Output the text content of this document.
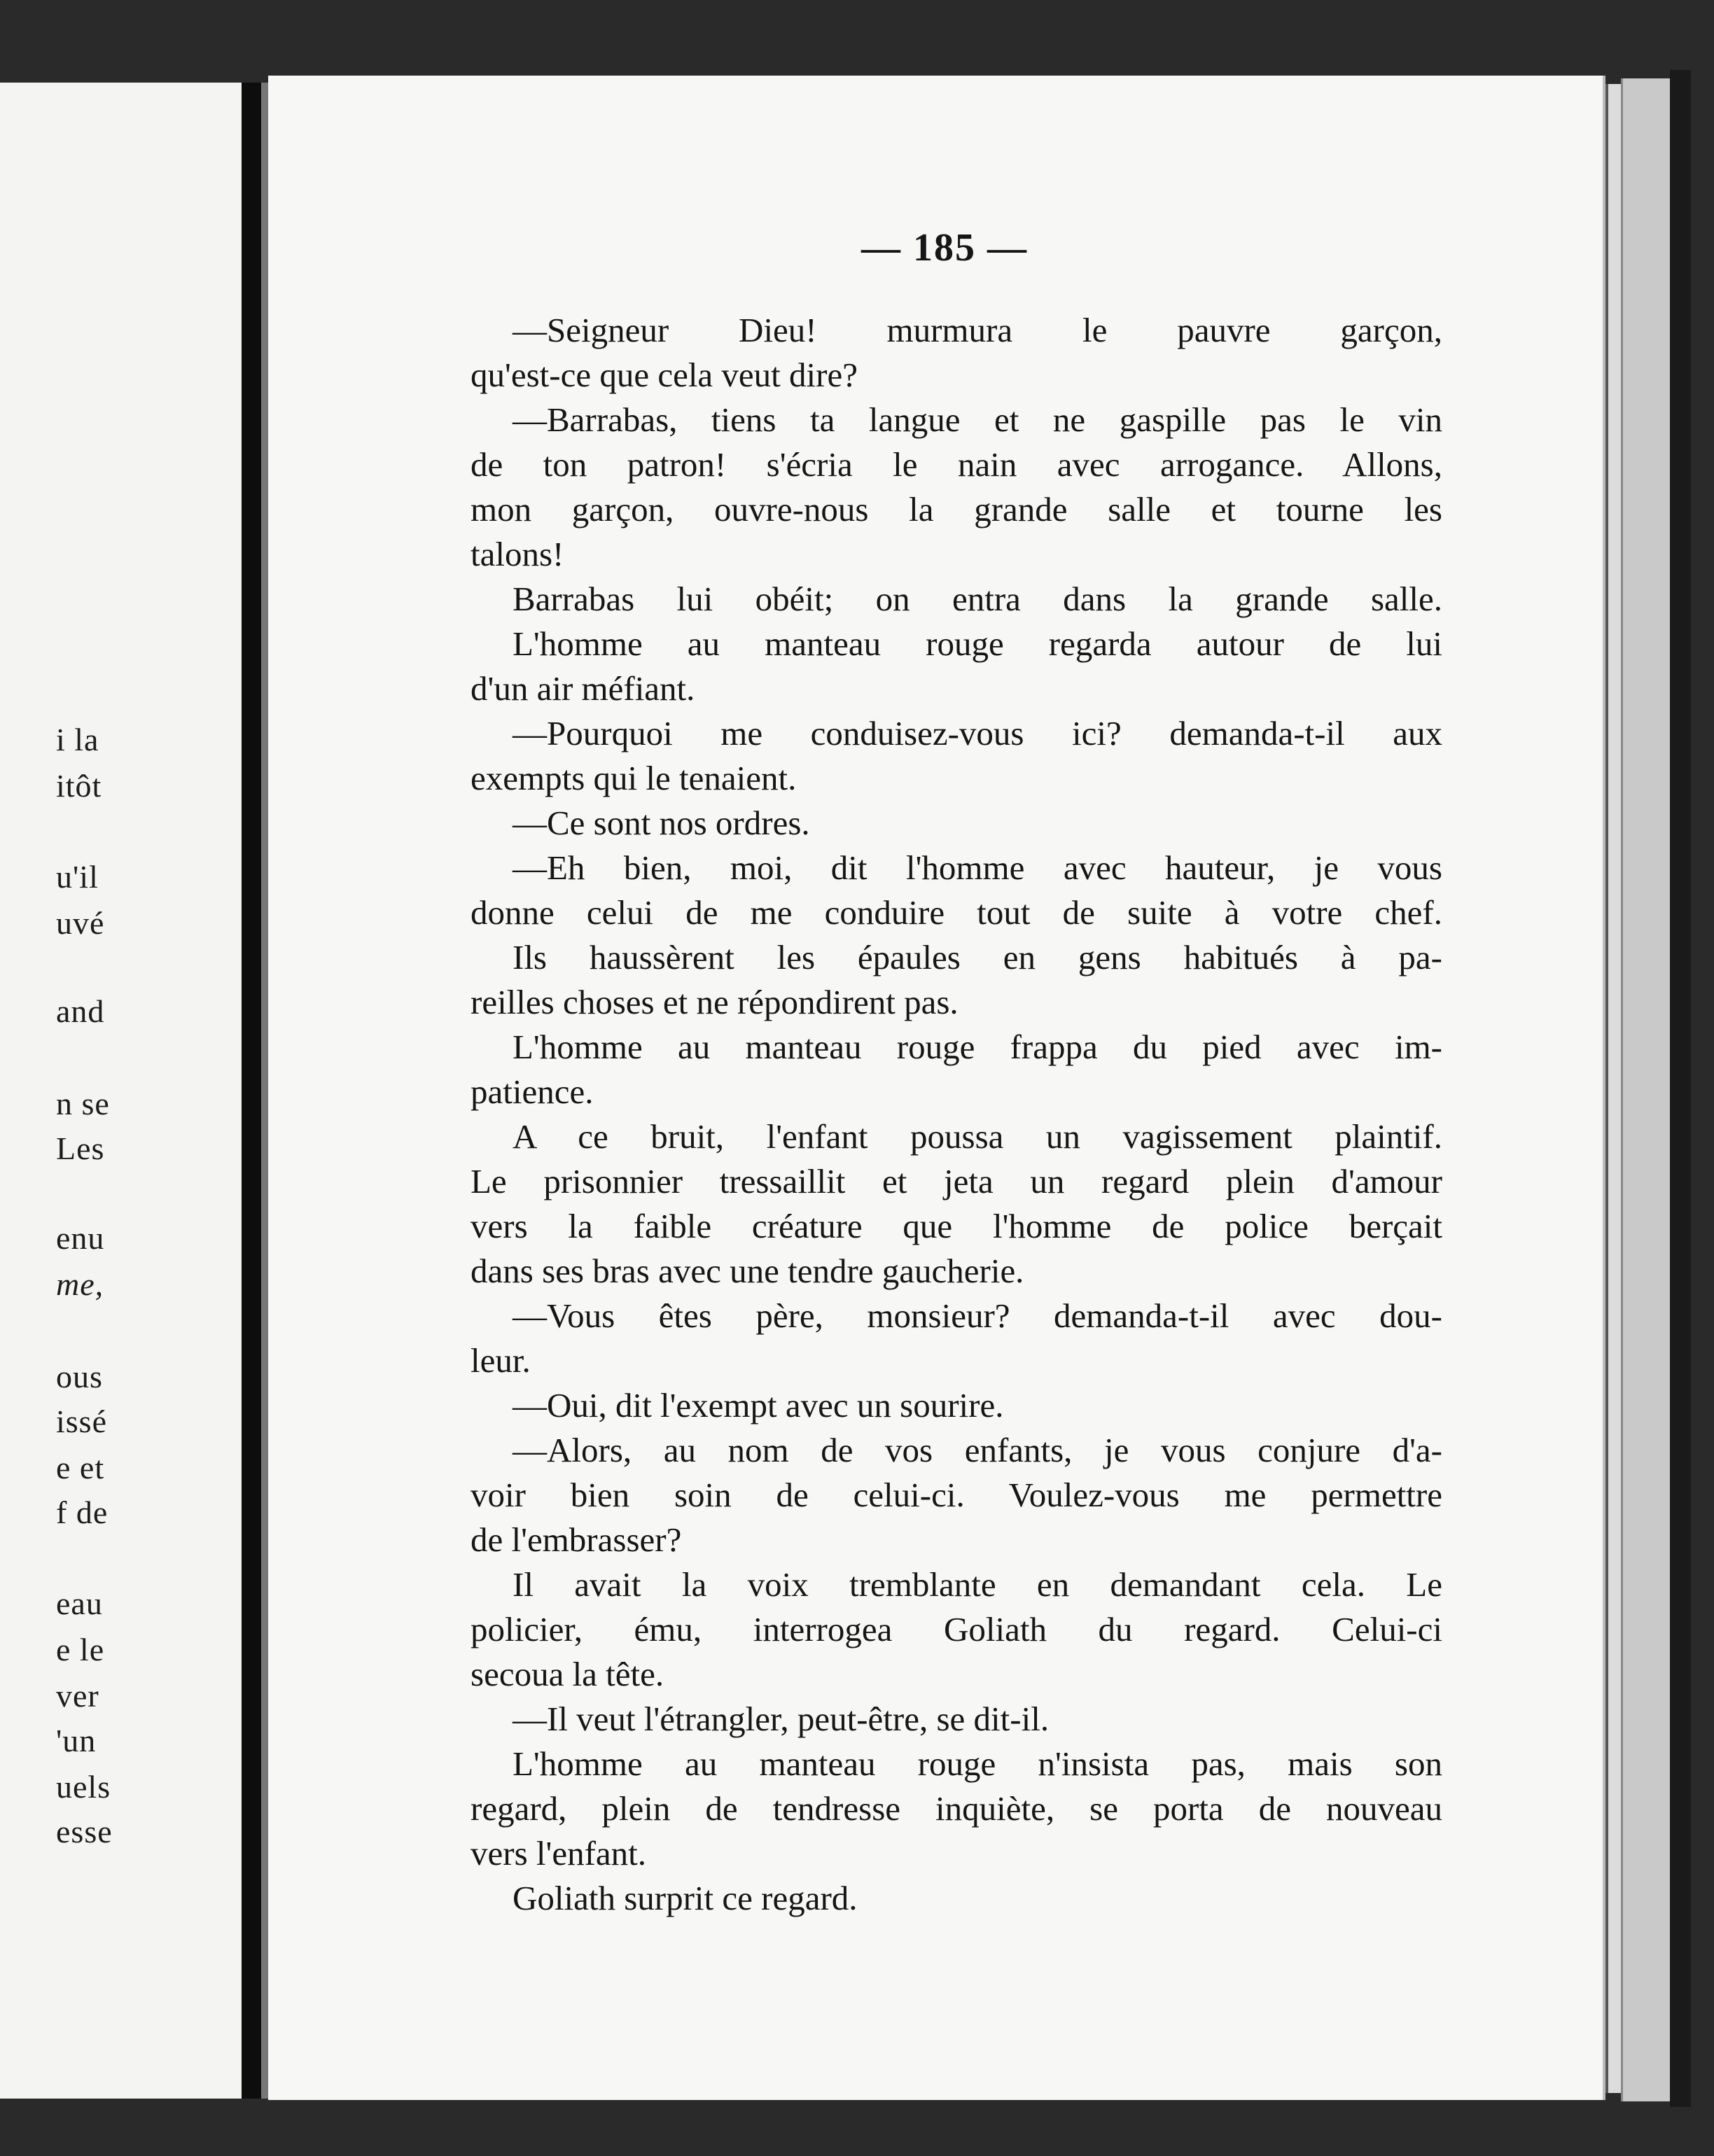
i la
itôt
u'il
uvé
and
n se
Les
enu
me,
ous
issé
e et
f de
eau
e le
ver
'un
uels
esse
— 185 —
—Seigneur Dieu! murmura le pauvre garçon,
qu'est-ce que cela veut dire?
—Barrabas, tiens ta langue et ne gaspille pas le vin
de ton patron! s'écria le nain avec arrogance. Allons,
mon garçon, ouvre-nous la grande salle et tourne les
talons!
Barrabas lui obéit; on entra dans la grande salle.
L'homme au manteau rouge regarda autour de lui
d'un air méfiant.
—Pourquoi me conduisez-vous ici? demanda-t-il aux
exempts qui le tenaient.
—Ce sont nos ordres.
—Eh bien, moi, dit l'homme avec hauteur, je vous
donne celui de me conduire tout de suite à votre chef.
Ils haussèrent les épaules en gens habitués à pa-
reilles choses et ne répondirent pas.
L'homme au manteau rouge frappa du pied avec im-
patience.
A ce bruit, l'enfant poussa un vagissement plaintif.
Le prisonnier tressaillit et jeta un regard plein d'amour
vers la faible créature que l'homme de police berçait
dans ses bras avec une tendre gaucherie.
—Vous êtes père, monsieur? demanda-t-il avec dou-
leur.
—Oui, dit l'exempt avec un sourire.
—Alors, au nom de vos enfants, je vous conjure d'a-
voir bien soin de celui-ci. Voulez-vous me permettre
de l'embrasser?
Il avait la voix tremblante en demandant cela. Le
policier, ému, interrogea Goliath du regard. Celui-ci
secoua la tête.
—Il veut l'étrangler, peut-être, se dit-il.
L'homme au manteau rouge n'insista pas, mais son
regard, plein de tendresse inquiète, se porta de nouveau
vers l'enfant.
Goliath surprit ce regard.
